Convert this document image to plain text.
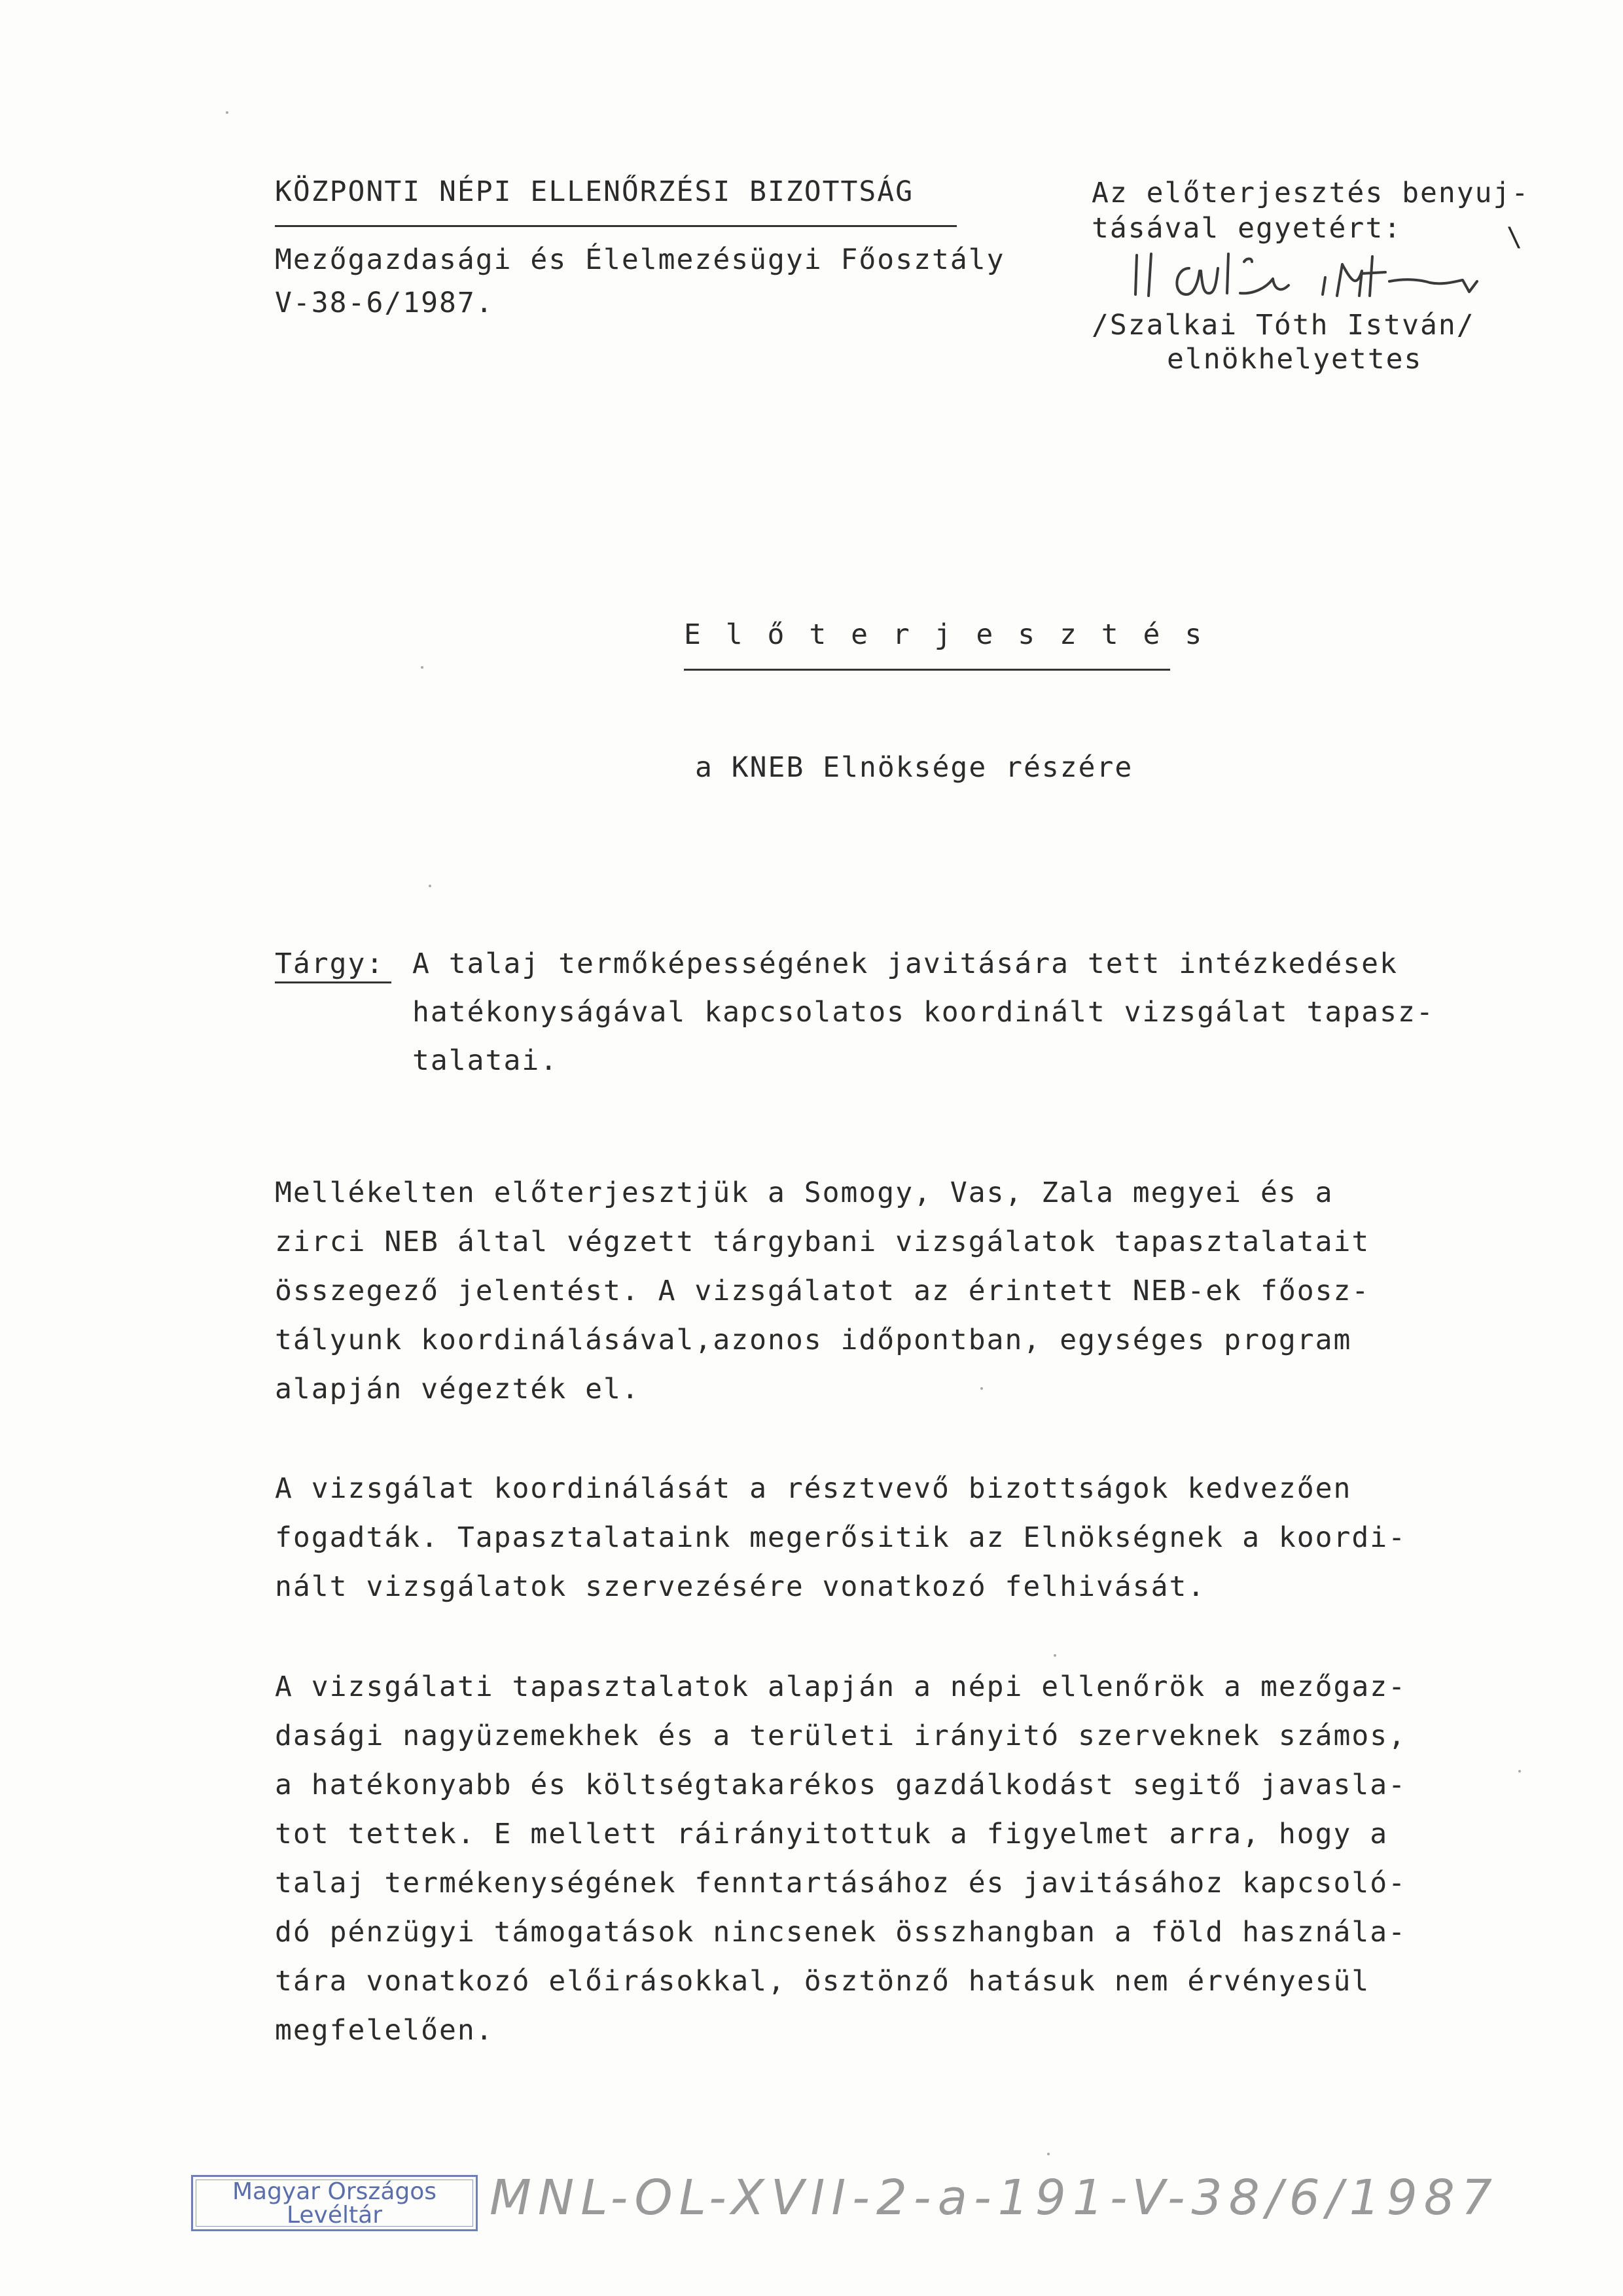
KÖZPONTI NÉPI ELLENŐRZÉSI BIZOTTSÁG
Mezőgazdasági és Élelmezésügyi Főosztály
V-38-6/1987.
Az előterjesztés benyuj-
tásával egyetért:	\
/Szalkai Tóth István/
elnökhelyettes
E l ő t e r j e s z t é s
a KNEB Elnöksége részére
Tárgy: A talaj termőképességének javitására tett intézkedések
hatékonyságával kapcsolatos koordinált vizsgálat tapasz-
talatai.
Mellékelten előterjesztjük a Somogy, Vas, Zala megyei és a
zirci NEB által végzett tárgybani vizsgálatok tapasztalatait
összegező jelentést. A vizsgálatot az érintett NEB-ek főosz-
tályunk koordinálásával,azonos időpontban, egységes program
alapján végezték el.
A vizsgálat koordinálását a résztvevő bizottságok kedvezően
fogadták. Tapasztalataink megerősitik az Elnökségnek a koordi-
nált vizsgálatok szervezésére vonatkozó felhivását.
A vizsgálati tapasztalatok alapján a népi ellenőrök a mezőgaz-
dasági nagyüzemekhek és a területi irányitó szerveknek számos,
a hatékonyabb és költségtakarékos gazdálkodást segitő javasla-
tot tettek. E mellett ráirányitottuk a figyelmet arra, hogy a
talaj termékenységének fenntartásához és javitásához kapcsoló-
dó pénzügyi támogatások nincsenek összhangban a föld használa-
tára vonatkozó előirásokkal, ösztönző hatásuk nem érvényesül
megfelelően.
Magyar Országos
Levéltár	MNL-OL-XVII-2-a-191-V-38/6/1987
